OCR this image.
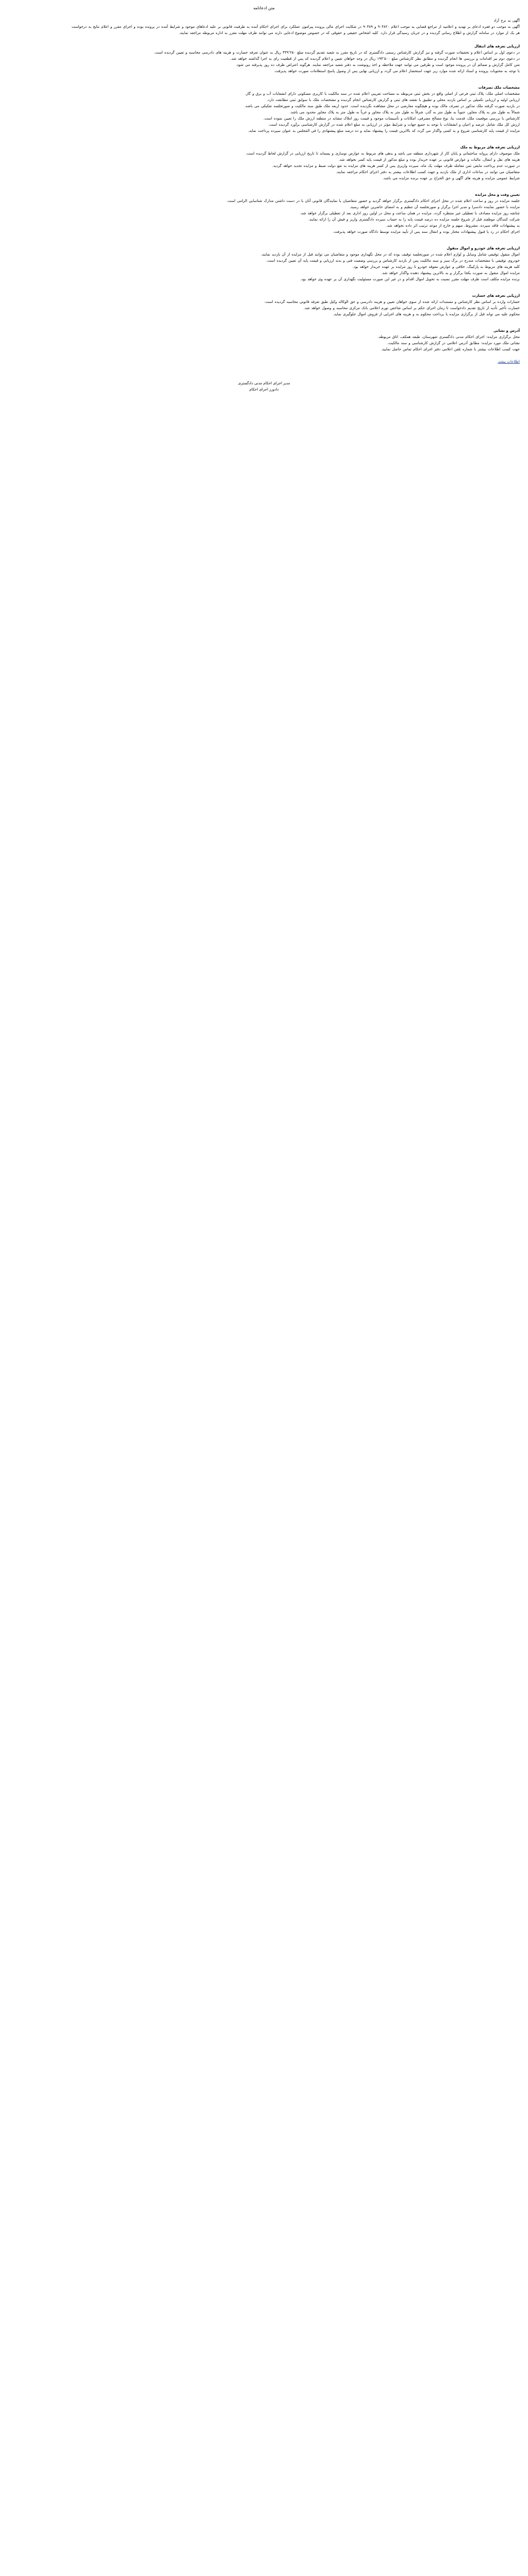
متن ادعانامه
آگهی به نرخ آزاد
آگهی به موجب دو فقره ادعای بر تهدید و اعلامیه از مراجع قضایی یه موجب اعلام ۹۰۴۸۲۰ و ۹۰۳۸۹ در شکایت اجرای مالی پرونده پیرامون عملکرد برای اجرای احکام آمده به طرفیت قانونی بر علیه ادعاهای موجود و شرایط آمده در پرونده بوده و اجرای مقرر و اعلام نتایج به درخواست
هر یک از موارد در سامانه گزارش و اطلاع رسانی گردیده و در جریان رسیدگی قرار دارد. کلیه اشخاص حقیقی و حقوقی که در خصوص موضوع ادعایی دارند می توانند ظرف مهلت مقرر به اداره مربوطه مراجعه نمایند.
ارزیابی تعرفه های انتقال
در دعوی اول بر اساس اعلام و تحقیقات صورت گرفته و نیز گزارش کارشناس رسمی دادگستری که در تاریخ مقرر به شعبه تقدیم گردیده مبلغ ۴۳۹٬۲۵۰ ریال به عنوان تعرفه خسارت و هزینه های دادرسی محاسبه و تعیین گردیده است.
در دعوی دوم نیز اقدامات و بررسی ها انجام گردیده و مطابق نظر کارشناس مبلغ ۱۹۴٬۵۰۰ ریال در وجه خواهان تعیین و اعلام گردیده که پس از قطعیت رای به اجرا گذاشته خواهد شد.
متن کامل گزارش و ضمائم آن در پرونده موجود است و طرفین می توانند جهت ملاحظه و اخذ رونوشت به دفتر شعبه مراجعه نمایند. هرگونه اعتراض ظرف ده روز پذیرفته می شود.
با توجه به محتویات پرونده و اسناد ارائه شده موارد زیر جهت استحضار اعلام می گردد و ارزیابی نهایی پس از وصول پاسخ استعلامات صورت خواهد پذیرفت.
مشخصات ملک تصرفات
مشخصات اصلی ملک: پلاک ثبتی فرعی از اصلی واقع در بخش ثبتی مربوطه به مساحت تقریبی اعلام شده در سند مالکیت با کاربری مسکونی دارای انشعابات آب و برق و گاز.
ارزیابی اولیه و ارزیابی تکمیلی بر اساس بازدید محلی و تطبیق با نقشه های ثبتی و گزارش کارشناس انجام گردیده و مشخصات ملک با سوابق ثبتی مطابقت دارد.
در بازدید صورت گرفته ملک مذکور در تصرف مالک بوده و هیچگونه معارضی در محل مشاهده نگردیده است. حدود اربعه ملک طبق سند مالکیت و صورتجلسه تفکیکی می باشد.
شمالاً به طول متر به پلاک مجاور، جنوباً به طول متر به گذر، شرقاً به طول متر به پلاک مجاور و غرباً به طول متر به پلاک مجاور محدود می باشد.
کارشناس با بررسی موقعیت ملک، قدمت بنا، نوع مصالح مصرفی، امکانات و تأسیسات موجود و قیمت روز املاک مشابه در منطقه ارزش ملک را تعیین نموده است.
ارزش کل ملک شامل عرصه و اعیان و انشعابات با توجه به جمیع جهات و شرایط مؤثر در ارزیابی به مبلغ اعلام شده در گزارش کارشناسی برآورد گردیده است.
مزایده از قیمت پایه کارشناسی شروع و به کسی واگذار می گردد که بالاترین قیمت را پیشنهاد نماید و ده درصد مبلغ پیشنهادی را فی المجلس به عنوان سپرده پرداخت نماید.
ارزیابی تعرفه های مربوط به ملک
ملک موصوف دارای پروانه ساختمانی و پایان کار از شهرداری منطقه می باشد و بدهی های مربوط به عوارض نوسازی و پسماند تا تاریخ ارزیابی در گزارش لحاظ گردیده است.
هزینه های نقل و انتقال، مالیات و عوارض قانونی بر عهده خریدار بوده و مبلغ مذکور از قیمت پایه کسر نخواهد شد.
در صورت عدم پرداخت مابقی ثمن معامله ظرف مهلت یک ماه، سپرده واریزی پس از کسر هزینه های مزایده به نفع دولت ضبط و مزایده تجدید خواهد گردید.
متقاضیان می توانند در ساعات اداری از ملک بازدید و جهت کسب اطلاعات بیشتر به دفتر اجرای احکام مراجعه نمایند.
شرایط عمومی مزایده و هزینه های آگهی و حق الحراج بر عهده برنده مزایده می باشد.
تعیین وقت و محل مزایده
جلسه مزایده در روز و ساعت اعلام شده در محل اجرای احکام دادگستری برگزار خواهد گردید و حضور متقاضیان یا نمایندگان قانونی آنان با در دست داشتن مدارک شناسایی الزامی است.
مزایده با حضور نماینده دادسرا و مدیر اجرا برگزار و صورتجلسه آن تنظیم و به امضای حاضرین خواهد رسید.
چنانچه روز مزایده مصادف با تعطیلی غیر منتظره گردد، مزایده در همان ساعت و محل در اولین روز اداری بعد از تعطیلی برگزار خواهد شد.
شرکت کنندگان موظفند قبل از شروع جلسه مزایده ده درصد قیمت پایه را به حساب سپرده دادگستری واریز و فیش آن را ارائه نمایند.
به پیشنهادات فاقد سپرده، مشروط، مبهم و خارج از موعد ترتیب اثر داده نخواهد شد.
اجرای احکام در رد یا قبول پیشنهادات مختار بوده و انتقال سند پس از تأیید مزایده توسط دادگاه صورت خواهد پذیرفت.
ارزیابی تعرفه های خودرو و اموال منقول
اموال منقول توقیفی شامل وسایل و لوازم اعلام شده در صورتجلسه توقیف بوده که در محل نگهداری موجود و متقاضیان می توانند قبل از مزایده از آن بازدید نمایند.
خودروی توقیفی با مشخصات مندرج در برگ سبز و سند مالکیت پس از بازدید کارشناس و بررسی وضعیت فنی و بدنه ارزیابی و قیمت پایه آن تعیین گردیده است.
کلیه هزینه های مربوط به پارکینگ، خلافی و عوارض معوقه خودرو تا روز مزایده بر عهده خریدار خواهد بود.
مزایده اموال منقول به صورت یکجا برگزار و به بالاترین پیشنهاد دهنده واگذار خواهد شد.
برنده مزایده مکلف است ظرف مهلت مقرر نسبت به تحویل اموال اقدام و در غیر این صورت مسئولیت نگهداری آن بر عهده وی خواهد بود.
ارزیابی تعرفه های خسارت
خسارات وارده بر اساس نظر کارشناس و مستندات ارائه شده از سوی خواهان تعیین و هزینه دادرسی و حق الوکاله وکیل طبق تعرفه قانونی محاسبه گردیده است.
خسارت تأخیر تأدیه از تاریخ تقدیم دادخواست تا زمان اجرای حکم بر اساس شاخص تورم اعلامی بانک مرکزی محاسبه و وصول خواهد شد.
محکوم علیه می تواند قبل از برگزاری مزایده با پرداخت محکوم به و هزینه های اجرایی از فروش اموال جلوگیری نماید.
آدرس و نشانی
محل برگزاری مزایده: اجرای احکام مدنی دادگستری شهرستان، طبقه همکف، اتاق مربوطه.
نشانی ملک مورد مزایده: مطابق آدرس اعلامی در گزارش کارشناسی و سند مالکیت.
جهت کسب اطلاعات بیشتر با شماره تلفن اعلامی دفتر اجرای احکام تماس حاصل نمایید.
اطلاعات بیشتر
مدیر اجرای احکام مدنی دادگستری
دادورز اجرای احکام
